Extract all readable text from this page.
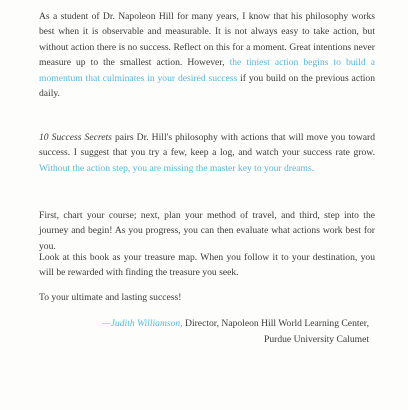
As a student of Dr. Napoleon Hill for many years, I know that his philosophy works best when it is observable and measurable. It is not always easy to take action, but without action there is no success. Reflect on this for a moment. Great intentions never measure up to the smallest action. However, the tiniest action begins to build a momentum that culminates in your desired success if you build on the previous action daily.

10 Success Secrets pairs Dr. Hill's philosophy with actions that will move you toward success. I suggest that you try a few, keep a log, and watch your success rate grow. Without the action step, you are missing the master key to your dreams.

First, chart your course; next, plan your method of travel, and third, step into the journey and begin! As you progress, you can then evaluate what actions work best for you.

Look at this book as your treasure map. When you follow it to your destination, you will be rewarded with finding the treasure you seek.

To your ultimate and lasting success!

—Judith Williamson, Director, Napoleon Hill World Learning Center,
Purdue University Calumet
